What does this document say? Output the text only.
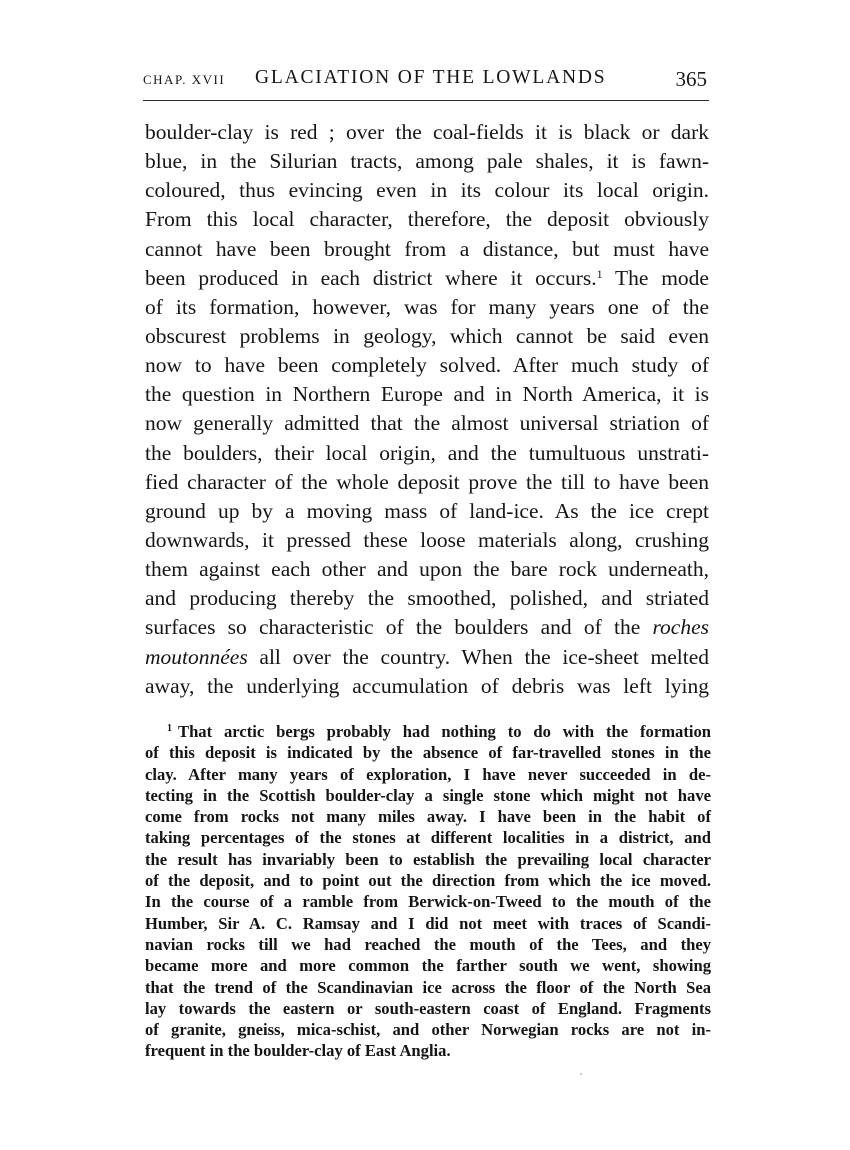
CHAP. XVII GLACIATION OF THE LOWLANDS	365
boulder-clay is red ; over the coal-fields it is black or dark
blue, in the Silurian tracts, among pale shales, it is fawn-
coloured, thus evincing even in its colour its local origin.
From this local character, therefore, the deposit obviously
cannot have been brought from a distance, but must have
been produced in each district where it occurs.$^1$ The mode
of its formation, however, was for many years one of the
obscurest problems in geology, which cannot be said even
now to have been completely solved. After much study of
the question in Northern Europe and in North America, it is
now generally admitted that the almost universal striation of
the boulders, their local origin, and the tumultuous unstrati-
fied character of the whole deposit prove the till to have been
ground up by a moving mass of land-ice. As the ice crept
downwards, it pressed these loose materials along, crushing
them against each other and upon the bare rock underneath,
and producing thereby the smoothed, polished, and striated
surfaces so characteristic of the boulders and of the roches
moutonnées all over the country. When the ice-sheet melted
away, the underlying accumulation of debris was left lying
$^1$ That arctic bergs probably had nothing to do with the formation
of this deposit is indicated by the absence of far-travelled stones in the
clay. After many years of exploration, I have never succeeded in de-
tecting in the Scottish boulder-clay a single stone which might not have
come from rocks not many miles away. I have been in the habit of
taking percentages of the stones at different localities in a district, and
the result has invariably been to establish the prevailing local character
of the deposit, and to point out the direction from which the ice moved.
In the course of a ramble from Berwick-on-Tweed to the mouth of the
Humber, Sir A. C. Ramsay and I did not meet with traces of Scandi-
navian rocks till we had reached the mouth of the Tees, and they
became more and more common the farther south we went, showing
that the trend of the Scandinavian ice across the floor of the North Sea
lay towards the eastern or south-eastern coast of England. Fragments
of granite, gneiss, mica-schist, and other Norwegian rocks are not in-
frequent in the boulder-clay of East Anglia.
